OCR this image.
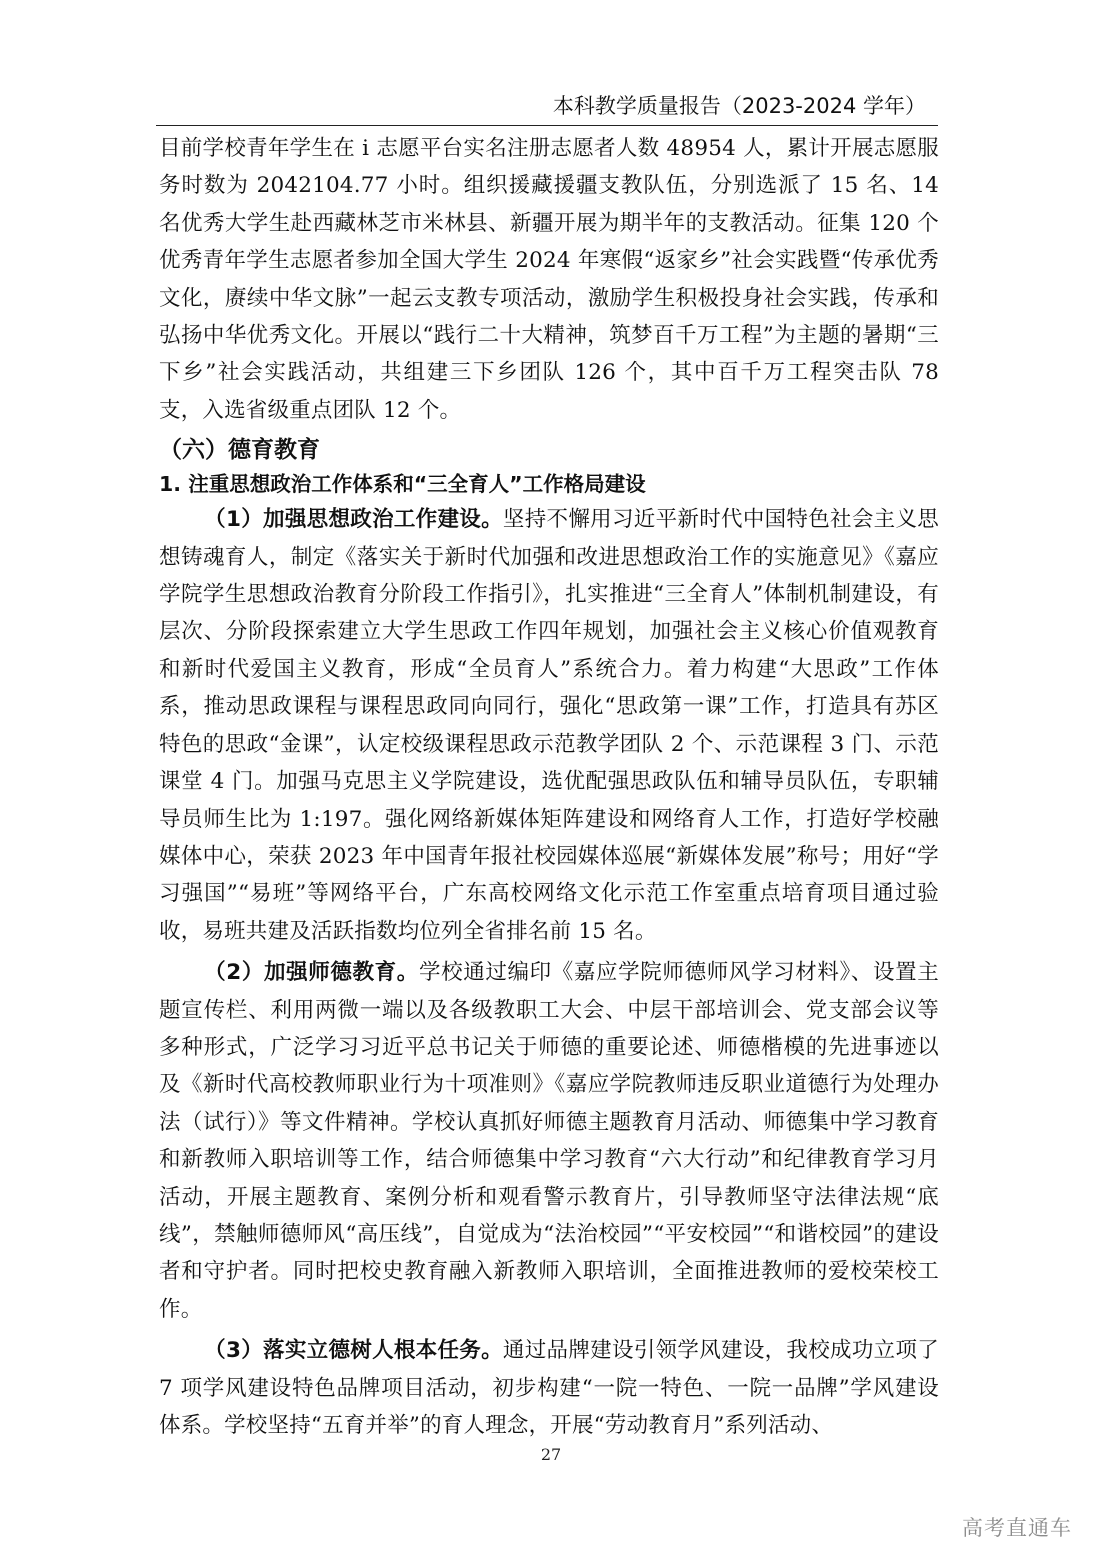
本科教学质量报告（2023-2024 学年）

目前学校青年学生在 i 志愿平台实名注册志愿者人数 48954 人，累计开展志愿服务时数为 2042104.77 小时。组织援藏援疆支教队伍，分别选派了 15 名、14 名优秀大学生赴西藏林芝市米林县、新疆开展为期半年的支教活动。征集 120 个优秀青年学生志愿者参加全国大学生 2024 年寒假“返家乡”社会实践暨“传承优秀文化，赓续中华文脉”一起云支教专项活动，激励学生积极投身社会实践，传承和弘扬中华优秀文化。开展以“践行二十大精神，筑梦百千万工程”为主题的暑期“三下乡”社会实践活动，共组建三下乡团队 126 个，其中百千万工程突击队 78 支，入选省级重点团队 12 个。

（六）德育教育
1. 注重思想政治工作体系和“三全育人”工作格局建设

（1）加强思想政治工作建设。坚持不懈用习近平新时代中国特色社会主义思想铸魂育人，制定《落实关于新时代加强和改进思想政治工作的实施意见》《嘉应学院学生思想政治教育分阶段工作指引》，扎实推进“三全育人”体制机制建设，有层次、分阶段探索建立大学生思政工作四年规划，加强社会主义核心价值观教育和新时代爱国主义教育，形成“全员育人”系统合力。着力构建“大思政”工作体系，推动思政课程与课程思政同向同行，强化“思政第一课”工作，打造具有苏区特色的思政“金课”，认定校级课程思政示范教学团队 2 个、示范课程 3 门、示范课堂 4 门。加强马克思主义学院建设，选优配强思政队伍和辅导员队伍，专职辅导员师生比为 1:197。强化网络新媒体矩阵建设和网络育人工作，打造好学校融媒体中心，荣获 2023 年中国青年报社校园媒体巡展“新媒体发展”称号；用好“学习强国”“易班”等网络平台，广东高校网络文化示范工作室重点培育项目通过验收，易班共建及活跃指数均位列全省排名前 15 名。

（2）加强师德教育。学校通过编印《嘉应学院师德师风学习材料》、设置主题宣传栏、利用两微一端以及各级教职工大会、中层干部培训会、党支部会议等多种形式，广泛学习习近平总书记关于师德的重要论述、师德楷模的先进事迹以及《新时代高校教师职业行为十项准则》《嘉应学院教师违反职业道德行为处理办法（试行）》等文件精神。学校认真抓好师德主题教育月活动、师德集中学习教育和新教师入职培训等工作，结合师德集中学习教育“六大行动”和纪律教育学习月活动，开展主题教育、案例分析和观看警示教育片，引导教师坚守法律法规“底线”，禁触师德师风“高压线”，自觉成为“法治校园”“平安校园”“和谐校园”的建设者和守护者。同时把校史教育融入新教师入职培训，全面推进教师的爱校荣校工作。

（3）落实立德树人根本任务。通过品牌建设引领学风建设，我校成功立项了 7 项学风建设特色品牌项目活动，初步构建“一院一特色、一院一品牌”学风建设体系。学校坚持“五育并举”的育人理念，开展“劳动教育月”系列活动、

27
高考直通车
